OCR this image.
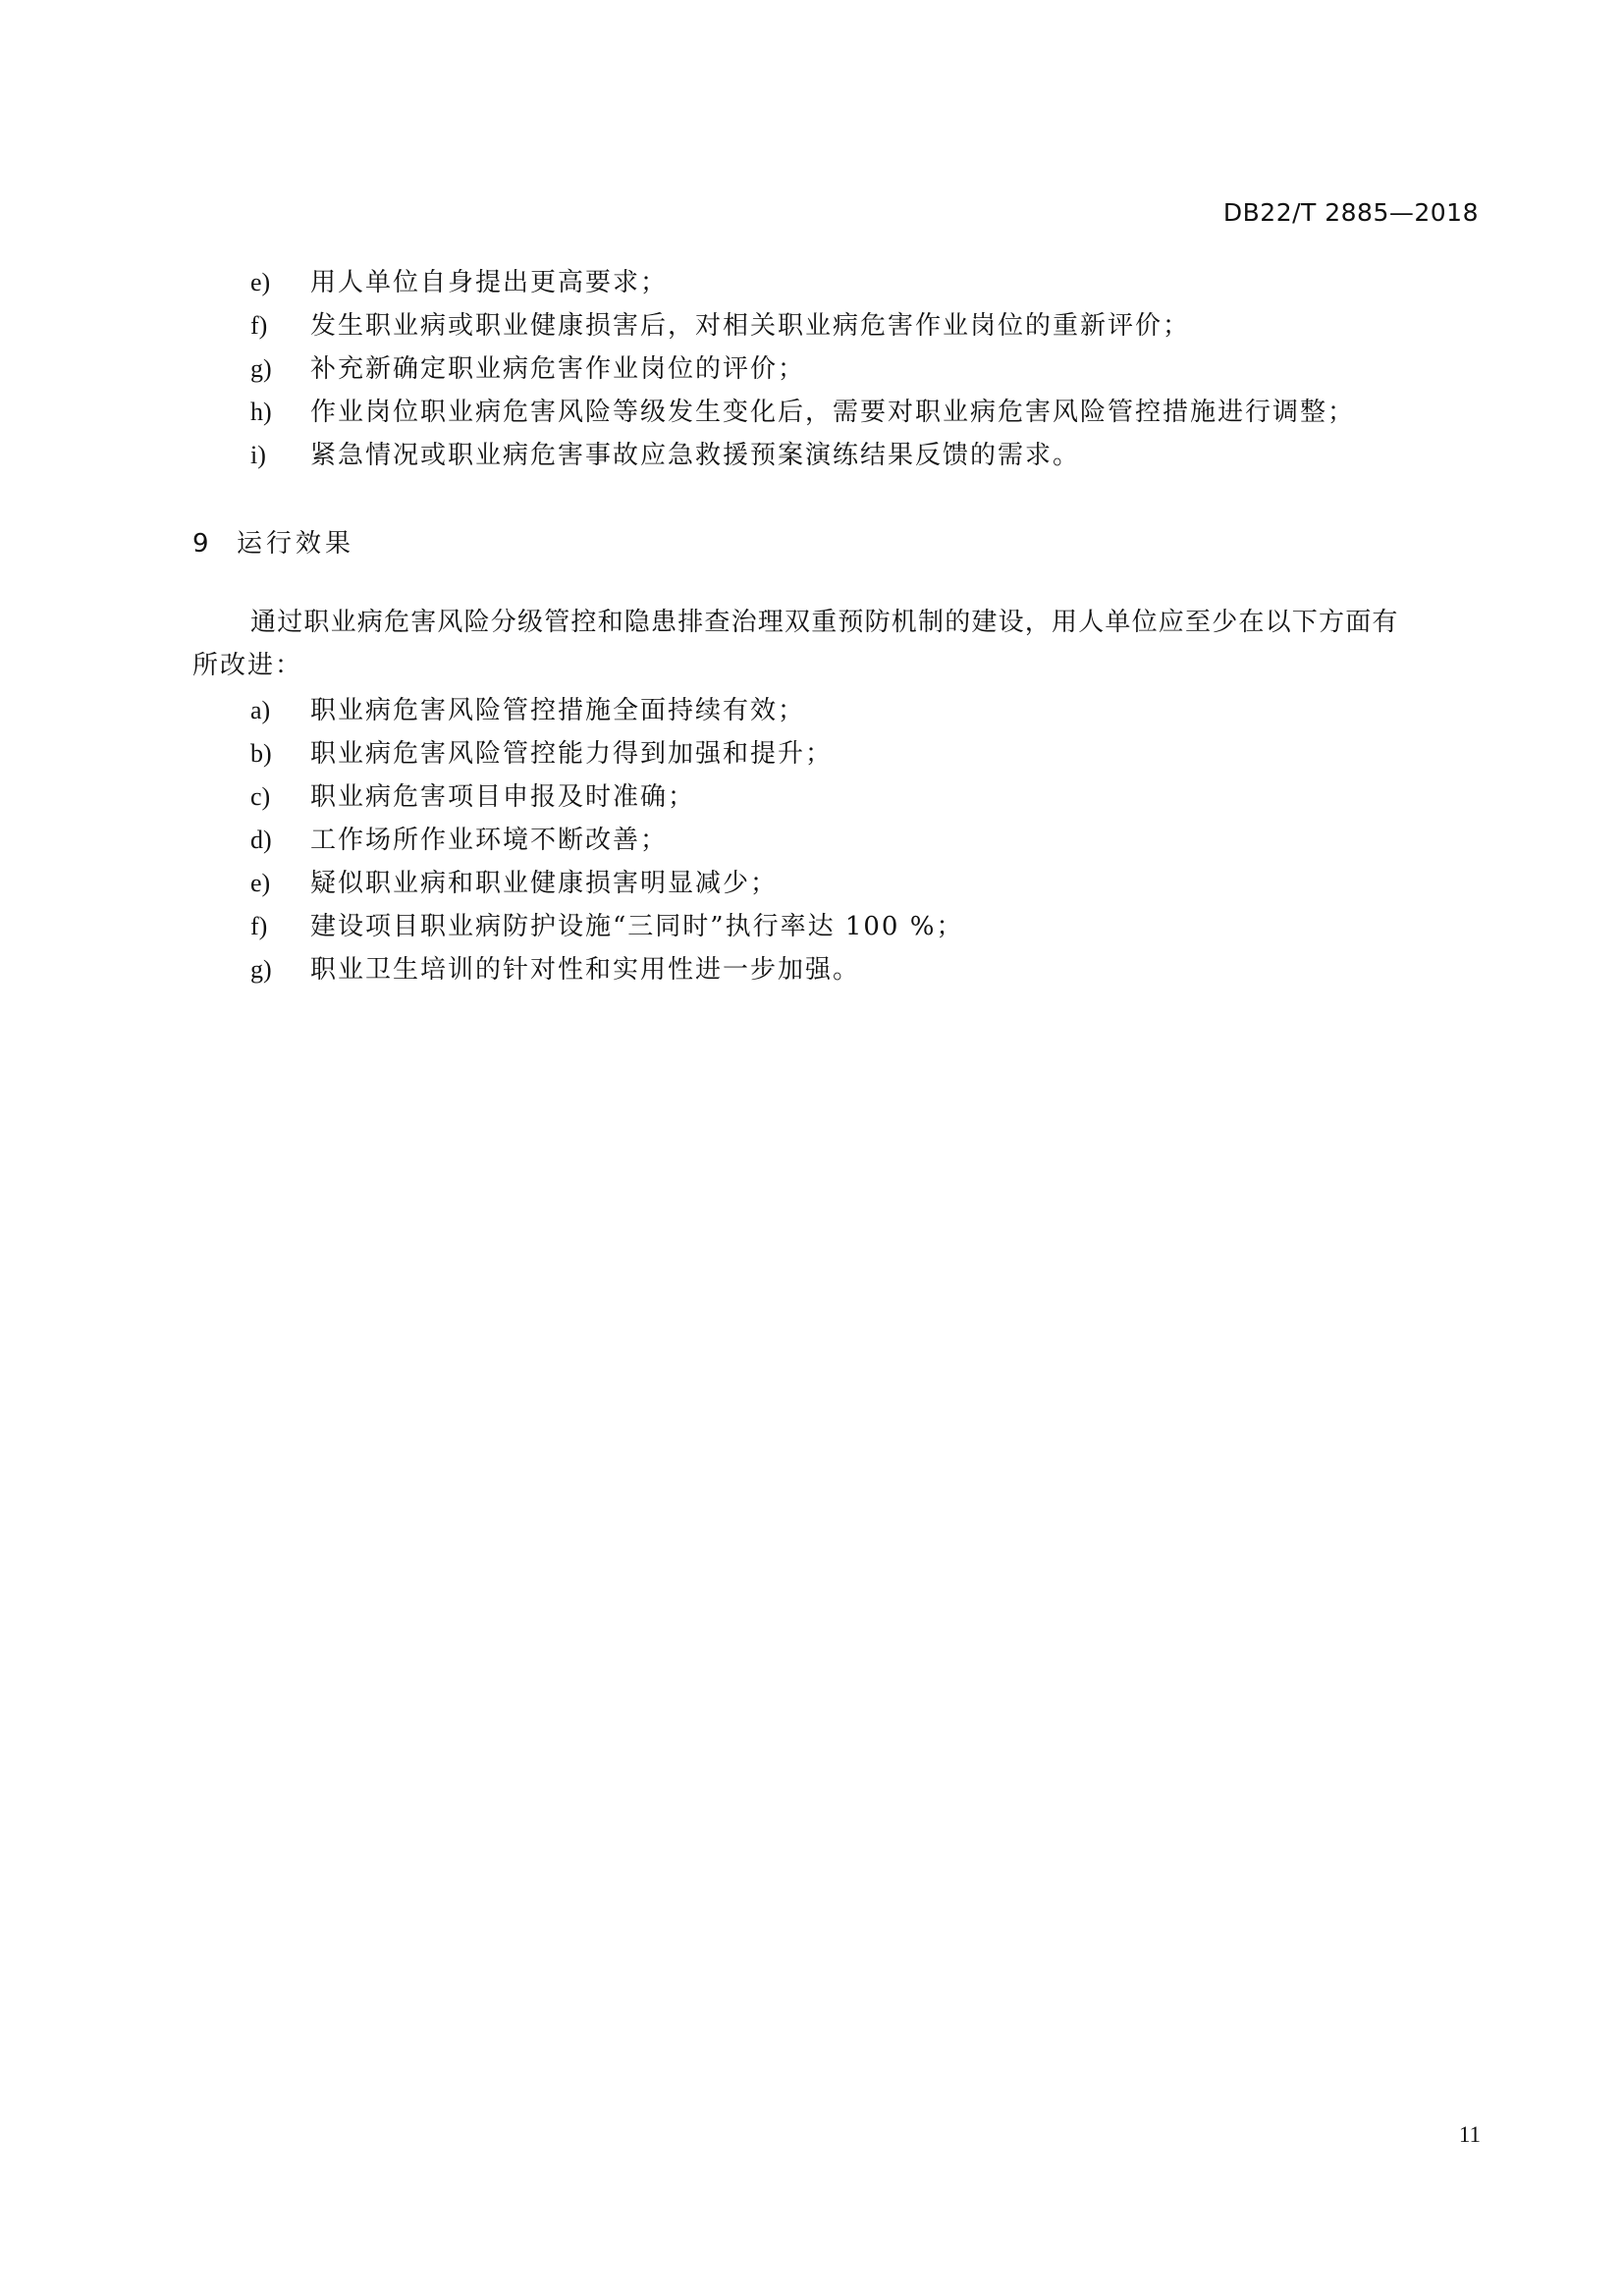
DB22/T 2885—2018
e) 用人单位自身提出更高要求；
f) 发生职业病或职业健康损害后，对相关职业病危害作业岗位的重新评价；
g) 补充新确定职业病危害作业岗位的评价；
h) 作业岗位职业病危害风险等级发生变化后，需要对职业病危害风险管控措施进行调整；
i) 紧急情况或职业病危害事故应急救援预案演练结果反馈的需求。
9 运行效果

通过职业病危害风险分级管控和隐患排查治理双重预防机制的建设，用人单位应至少在以下方面有
所改进：

a) 职业病危害风险管控措施全面持续有效；
b) 职业病危害风险管控能力得到加强和提升；
c) 职业病危害项目申报及时准确；
d) 工作场所作业环境不断改善；
e) 疑似职业病和职业健康损害明显减少；
f) 建设项目职业病防护设施“三同时”执行率达 100 %；
g) 职业卫生培训的针对性和实用性进一步加强。
11
